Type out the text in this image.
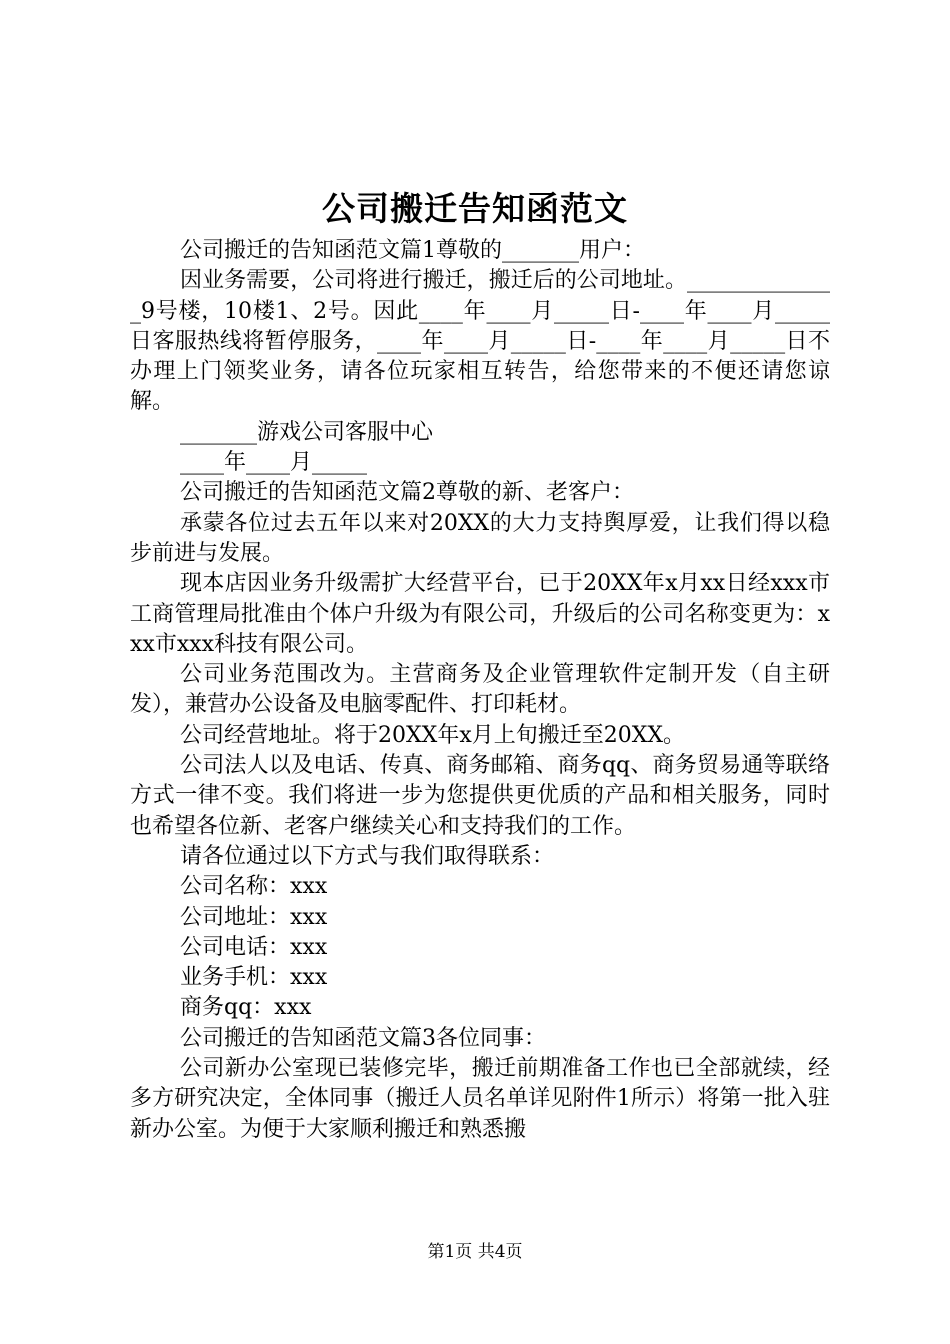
公司搬迁告知函范文

公司搬迁的告知函范文篇1尊敬的_______用户：

因业务需要，公司将进行搬迁，搬迁后的公司地址。______________9号楼，10楼1、2号。因此____年____月_____日-____年____月_____日客服热线将暂停服务，____年____月_____日-____年____月_____日不办理上门领奖业务，请各位玩家相互转告，给您带来的不便还请您谅解。

_______游戏公司客服中心

____年____月_____

公司搬迁的告知函范文篇2尊敬的新、老客户：

承蒙各位过去五年以来对20XX的大力支持舆厚爱，让我们得以稳步前进与发展。

现本店因业务升级需扩大经营平台，已于20XX年x月xx日经xxx市工商管理局批准由个体户升级为有限公司，升级后的公司名称变更为：xxx市xxx科技有限公司。

公司业务范围改为。主营商务及企业管理软件定制开发（自主研发），兼营办公设备及电脑零配件、打印耗材。

公司经营地址。将于20XX年x月上旬搬迁至20XX。

公司法人以及电话、传真、商务邮箱、商务qq、商务贸易通等联络方式一律不变。我们将进一步为您提供更优质的产品和相关服务，同时也希望各位新、老客户继续关心和支持我们的工作。

请各位通过以下方式与我们取得联系：

公司名称：xxx

公司地址：xxx

公司电话：xxx

业务手机：xxx

商务qq：xxx

公司搬迁的告知函范文篇3各位同事：

公司新办公室现已装修完毕，搬迁前期准备工作也已全部就续，经多方研究决定，全体同事（搬迁人员名单详见附件1所示）将第一批入驻新办公室。为便于大家顺利搬迁和熟悉搬

第1页 共4页
